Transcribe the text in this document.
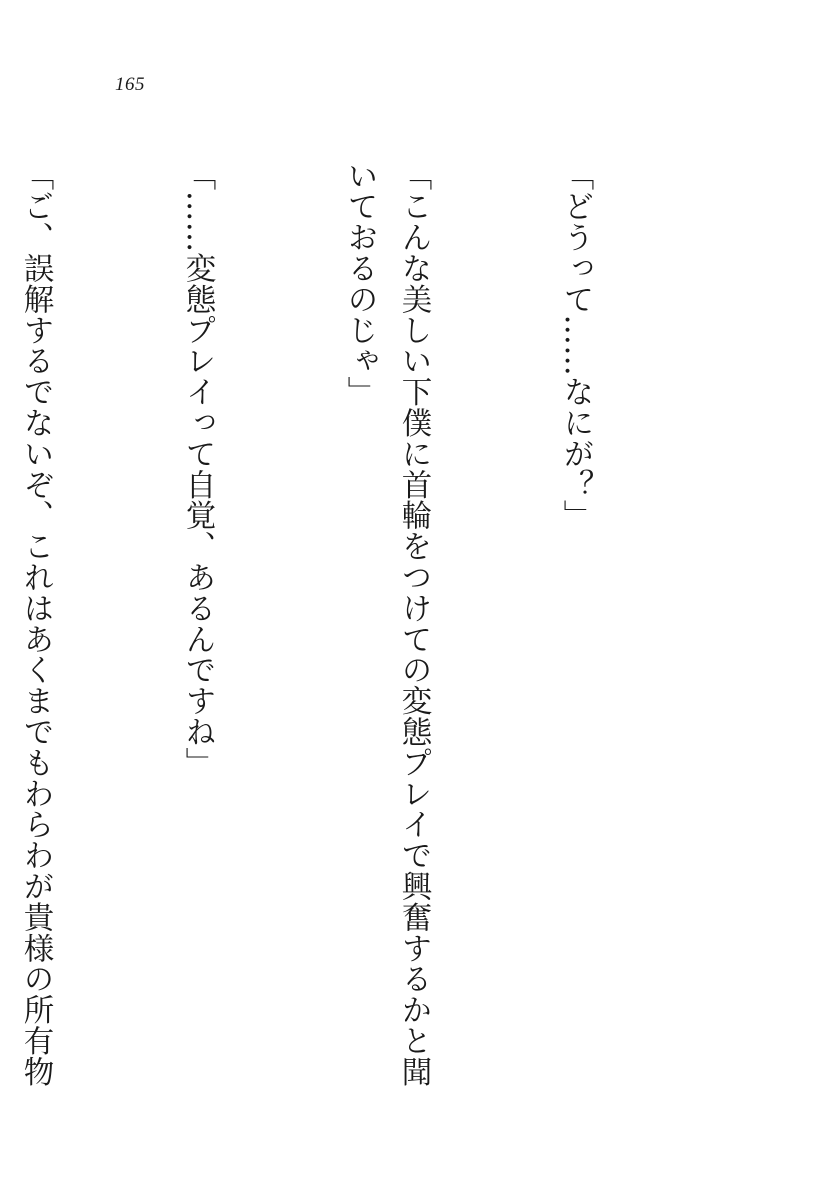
165

「どうって……なにが？」

「こんな美しい下僕に首輪をつけての変態プレイで興奮するかと聞いておるのじゃ」

「……変態プレイって自覚、あるんですね」

「ご、誤解するでないぞ、これはあくまでもわらわが貴様の所有物
